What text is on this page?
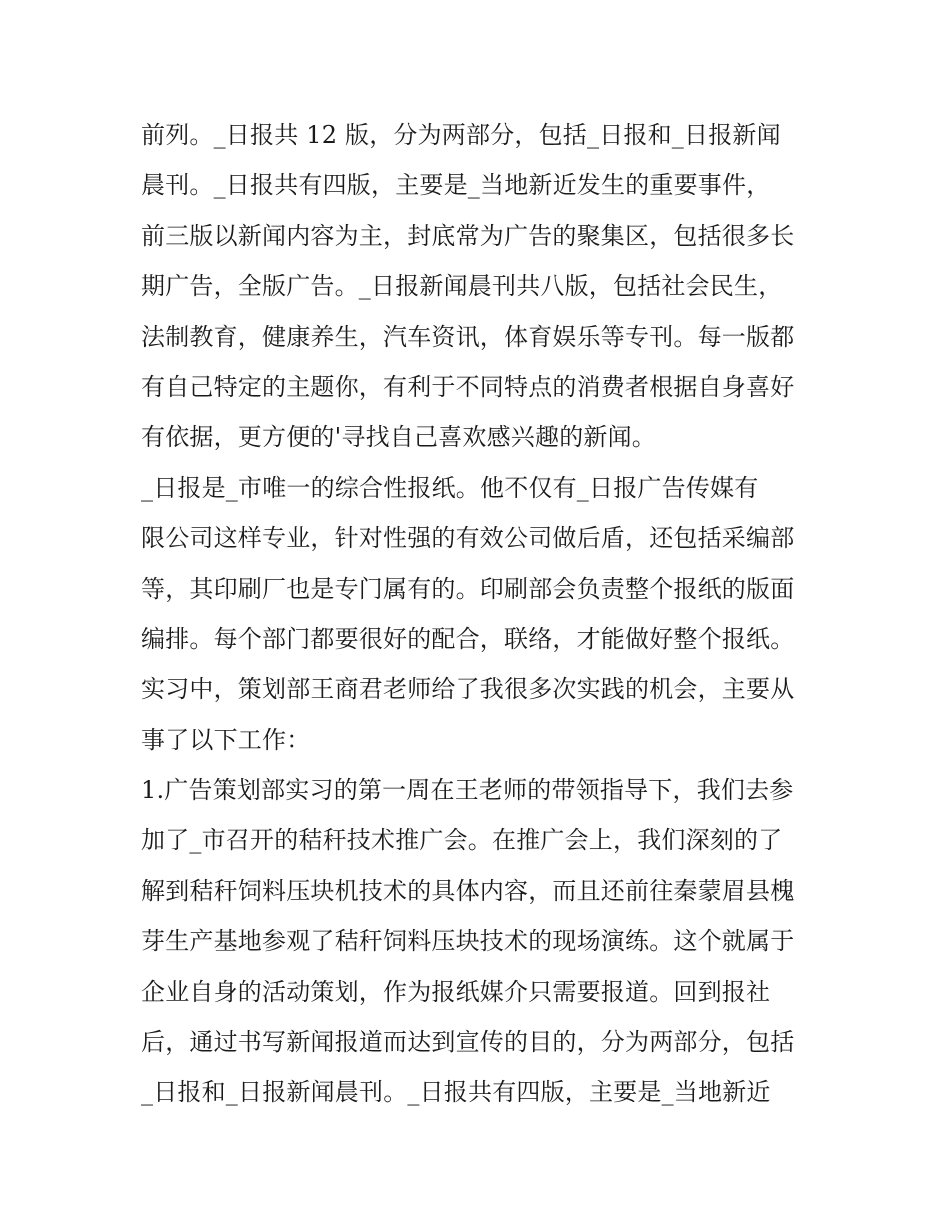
前列。_日报共 12 版，分为两部分，包括_日报和_日报新闻
晨刊。_日报共有四版，主要是_当地新近发生的重要事件，
前三版以新闻内容为主，封底常为广告的聚集区，包括很多长
期广告，全版广告。_日报新闻晨刊共八版，包括社会民生，
法制教育，健康养生，汽车资讯，体育娱乐等专刊。每一版都
有自己特定的主题你，有利于不同特点的消费者根据自身喜好
有依据，更方便的'寻找自己喜欢感兴趣的新闻。
_日报是_市唯一的综合性报纸。他不仅有_日报广告传媒有
限公司这样专业，针对性强的有效公司做后盾，还包括采编部
等，其印刷厂也是专门属有的。印刷部会负责整个报纸的版面
编排。每个部门都要很好的配合，联络，才能做好整个报纸。
实习中，策划部王商君老师给了我很多次实践的机会，主要从
事了以下工作：
1.广告策划部实习的第一周在王老师的带领指导下，我们去参
加了_市召开的秸秆技术推广会。在推广会上，我们深刻的了
解到秸秆饲料压块机技术的具体内容，而且还前往秦蒙眉县槐
芽生产基地参观了秸秆饲料压块技术的现场演练。这个就属于
企业自身的活动策划，作为报纸媒介只需要报道。回到报社
后，通过书写新闻报道而达到宣传的目的，分为两部分，包括
_日报和_日报新闻晨刊。_日报共有四版，主要是_当地新近
